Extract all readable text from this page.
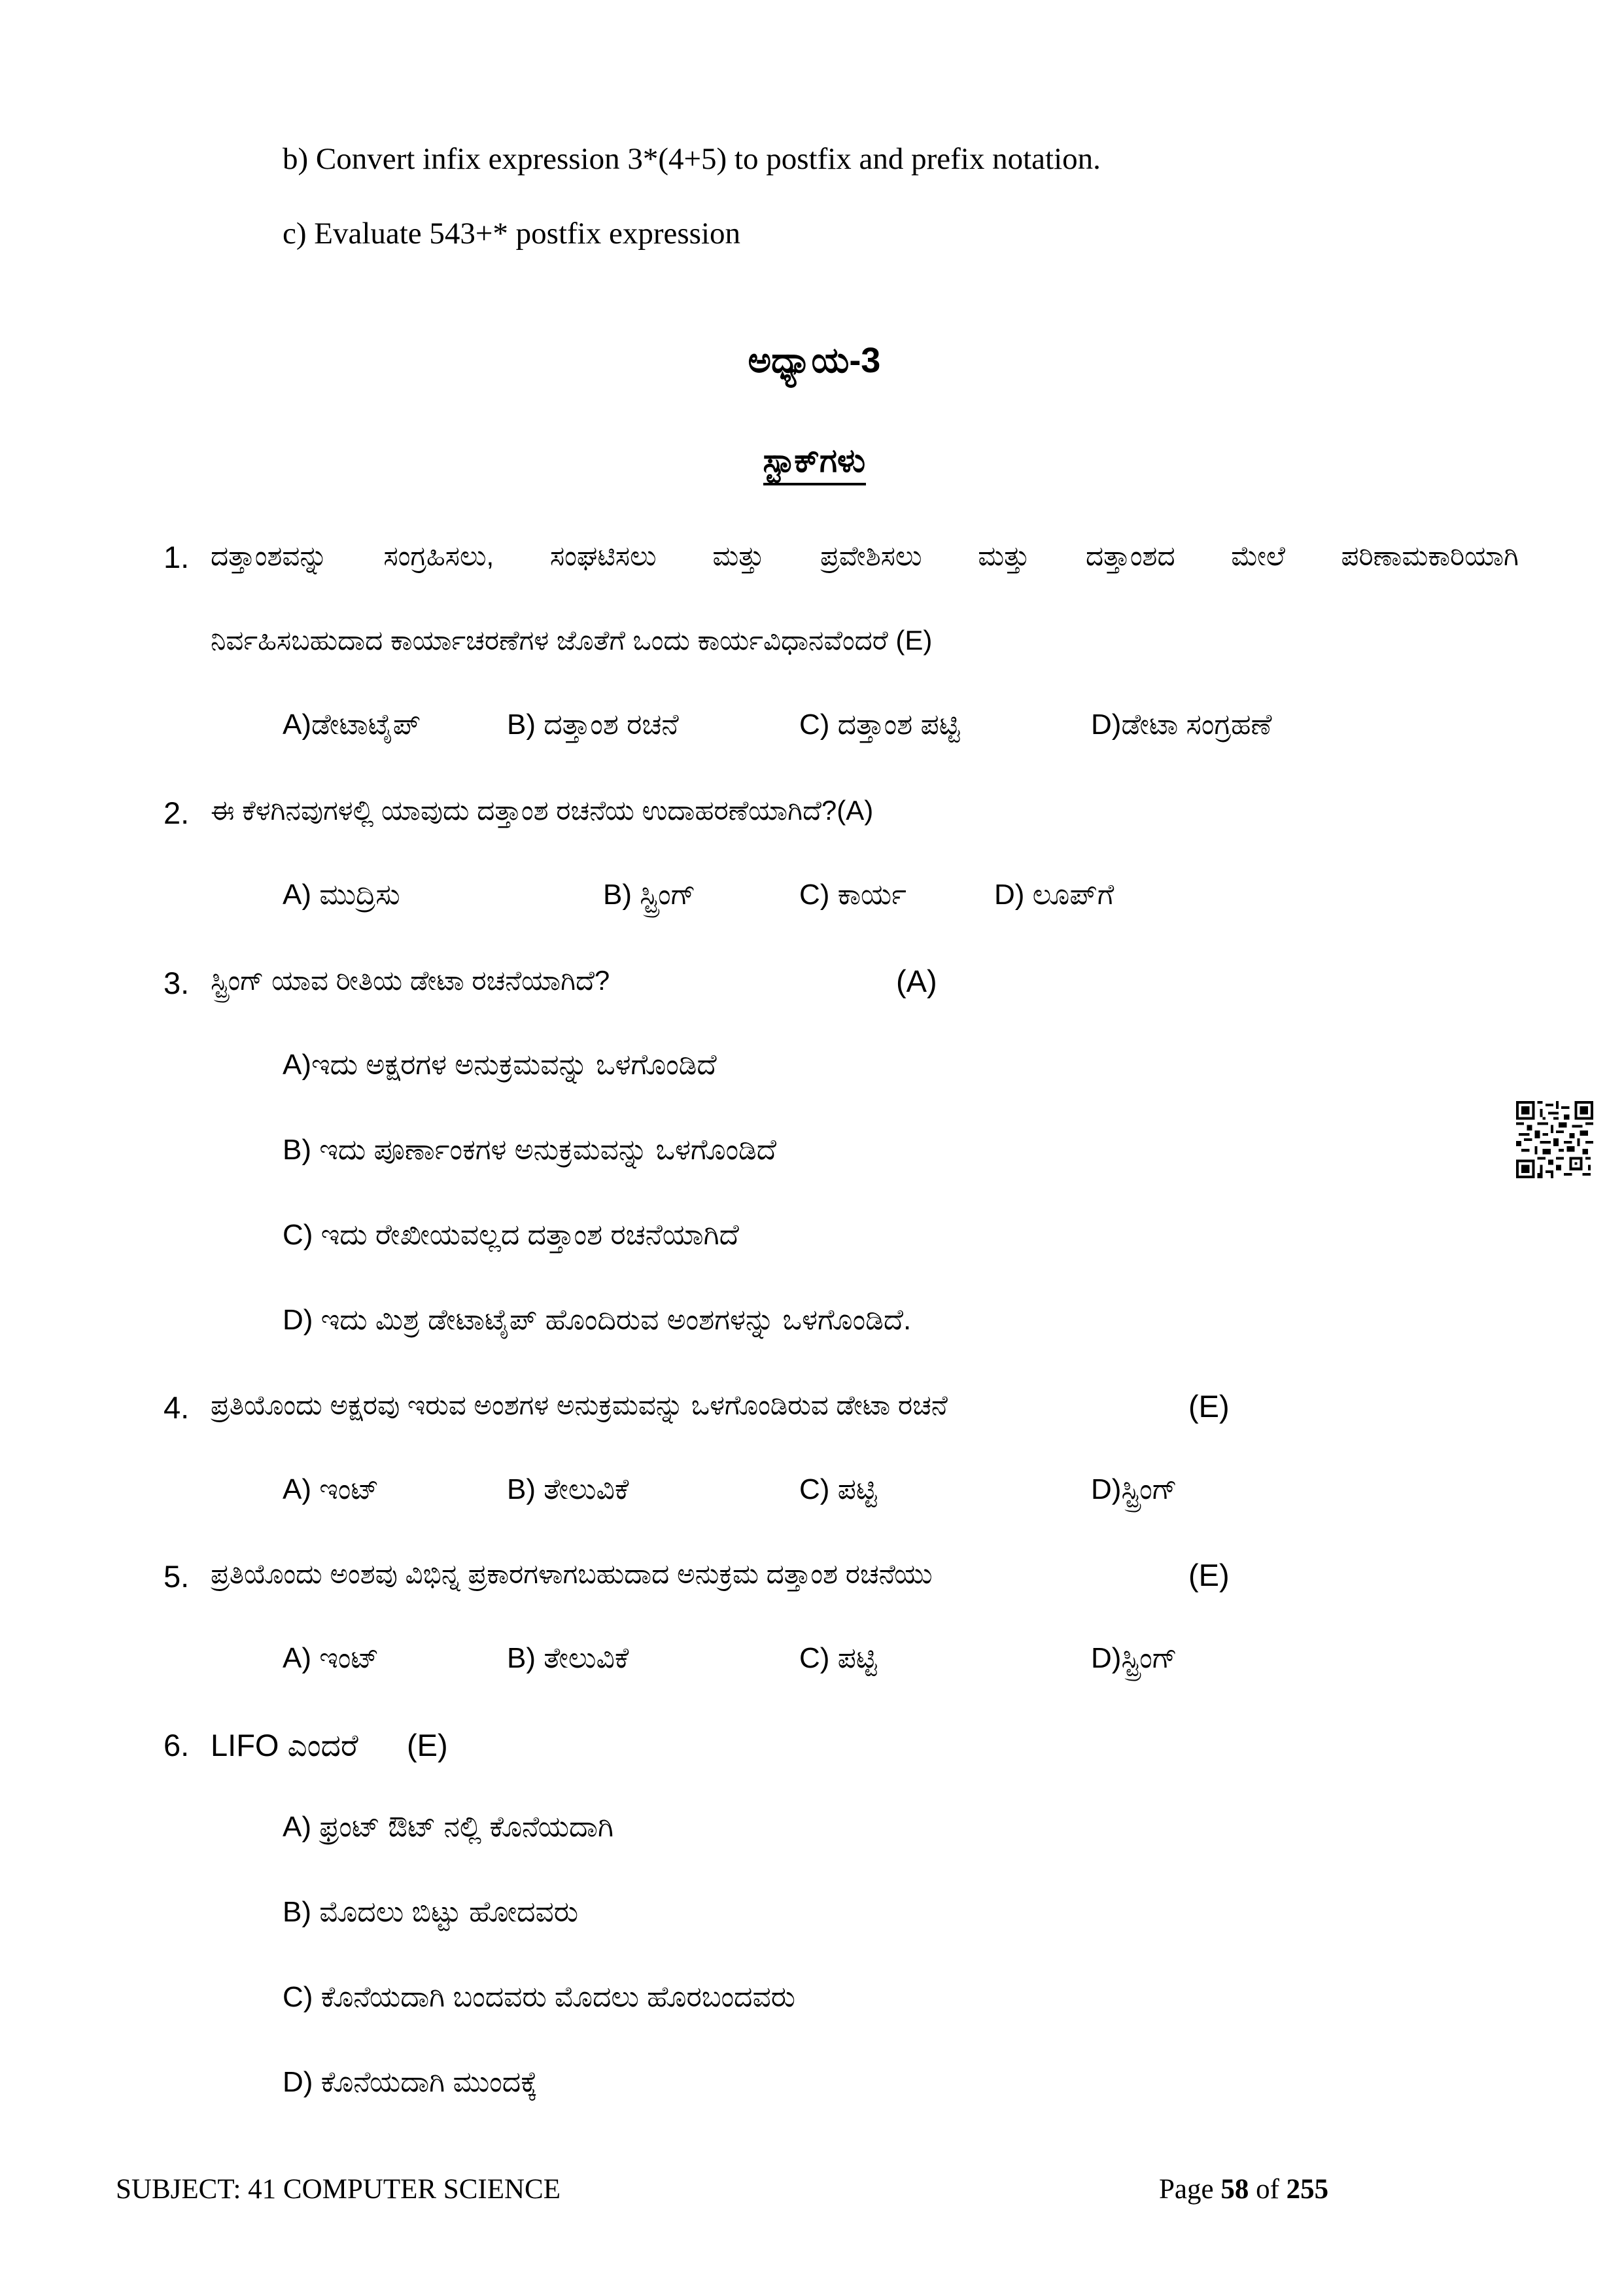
b) Convert infix expression 3*(4+5) to postfix and prefix notation.
c) Evaluate 543+* postfix expression
ಅಧ್ಯಾಯ-3
ಸ್ಟಾಕ್‌ಗಳು
1. ದತ್ತಾಂಶವನ್ನು ಸಂಗ್ರಹಿಸಲು, ಸಂಘಟಿಸಲು ಮತ್ತು ಪ್ರವೇಶಿಸಲು ಮತ್ತು ದತ್ತಾಂಶದ ಮೇಲೆ ಪರಿಣಾಮಕಾರಿಯಾಗಿ
ನಿರ್ವಹಿಸಬಹುದಾದ ಕಾರ್ಯಾಚರಣೆಗಳ ಜೊತೆಗೆ ಒಂದು ಕಾರ್ಯವಿಧಾನವೆಂದರೆ (E)
A)ಡೇಟಾಟೈಪ್	B) ದತ್ತಾಂಶ ರಚನೆ	C) ದತ್ತಾಂಶ ಪಟ್ಟಿ	D)ಡೇಟಾ ಸಂಗ್ರಹಣೆ
2. ಈ ಕೆಳಗಿನವುಗಳಲ್ಲಿ ಯಾವುದು ದತ್ತಾಂಶ ರಚನೆಯ ಉದಾಹರಣೆಯಾಗಿದೆ?(A)
A) ಮುದ್ರಿಸು	B) ಸ್ಟ್ರಿಂಗ್	C) ಕಾರ್ಯ	D) ಲೂಪ್‌ಗೆ
3. ಸ್ಟ್ರಿಂಗ್ ಯಾವ ರೀತಿಯ ಡೇಟಾ ರಚನೆಯಾಗಿದೆ?	(A)
A)ಇದು ಅಕ್ಷರಗಳ ಅನುಕ್ರಮವನ್ನು ಒಳಗೊಂಡಿದೆ
B) ಇದು ಪೂರ್ಣಾಂಕಗಳ ಅನುಕ್ರಮವನ್ನು ಒಳಗೊಂಡಿದೆ
C) ಇದು ರೇಖೀಯವಲ್ಲದ ದತ್ತಾಂಶ ರಚನೆಯಾಗಿದೆ
D) ಇದು ಮಿಶ್ರ ಡೇಟಾಟೈಪ್ ಹೊಂದಿರುವ ಅಂಶಗಳನ್ನು ಒಳಗೊಂಡಿದೆ.
4. ಪ್ರತಿಯೊಂದು ಅಕ್ಷರವು ಇರುವ ಅಂಶಗಳ ಅನುಕ್ರಮವನ್ನು ಒಳಗೊಂಡಿರುವ ಡೇಟಾ ರಚನೆ	(E)
A) ಇಂಟ್	B) ತೇಲುವಿಕೆ	C) ಪಟ್ಟಿ	D)ಸ್ಟ್ರಿಂಗ್
5. ಪ್ರತಿಯೊಂದು ಅಂಶವು ವಿಭಿನ್ನ ಪ್ರಕಾರಗಳಾಗಬಹುದಾದ ಅನುಕ್ರಮ ದತ್ತಾಂಶ ರಚನೆಯು	(E)
A) ಇಂಟ್	B) ತೇಲುವಿಕೆ	C) ಪಟ್ಟಿ	D)ಸ್ಟ್ರಿಂಗ್
6. LIFO ಎಂದರೆ (E)
A) ಫ್ರಂಟ್ ಔಟ್ ನಲ್ಲಿ ಕೊನೆಯದಾಗಿ
B) ಮೊದಲು ಬಿಟ್ಟು ಹೋದವರು
C) ಕೊನೆಯದಾಗಿ ಬಂದವರು ಮೊದಲು ಹೊರಬಂದವರು
D) ಕೊನೆಯದಾಗಿ ಮುಂದಕ್ಕೆ
SUBJECT: 41 COMPUTER SCIENCE	Page 58 of 255
